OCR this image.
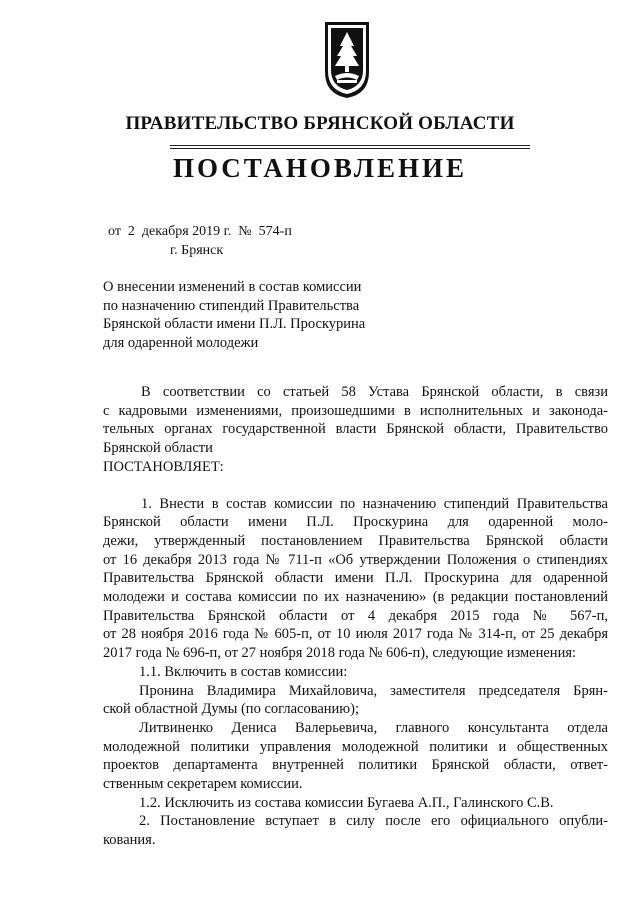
ПРАВИТЕЛЬСТВО БРЯНСКОЙ ОБЛАСТИ
ПОСТАНОВЛЕНИЕ
от  2  декабря 2019 г.  №  574-п
г. Брянск
О внесении изменений в состав комиссии
по назначению стипендий Правительства
Брянской области имени П.Л. Проскурина
для одаренной молодежи
В соответствии со статьей 58 Устава Брянской области, в связи
с кадровыми изменениями, произошедшими в исполнительных и законода-
тельных органах государственной власти Брянской области, Правительство
Брянской области
ПОСТАНОВЛЯЕТ:
1. Внести в состав комиссии по назначению стипендий Правительства
Брянской области имени П.Л. Проскурина для одаренной моло-
дежи, утвержденный постановлением Правительства Брянской области
от 16 декабря 2013 года № 711-п «Об утверждении Положения о стипендиях
Правительства Брянской области имени П.Л. Проскурина для одаренной
молодежи и состава комиссии по их назначению» (в редакции постановлений
Правительства Брянской области от 4 декабря 2015 года № 567-п,
от 28 ноября 2016 года № 605-п, от 10 июля 2017 года № 314-п, от 25 декабря
2017 года № 696-п, от 27 ноября 2018 года № 606-п), следующие изменения:
1.1. Включить в состав комиссии:
Пронина Владимира Михайловича, заместителя председателя Брян-
ской областной Думы (по согласованию);
Литвиненко Дениса Валерьевича, главного консультанта отдела
молодежной политики управления молодежной политики и общественных
проектов департамента внутренней политики Брянской области, ответ-
ственным секретарем комиссии.
1.2. Исключить из состава комиссии Бугаева А.П., Галинского С.В.
2. Постановление вступает в силу после его официального опубли-
кования.
